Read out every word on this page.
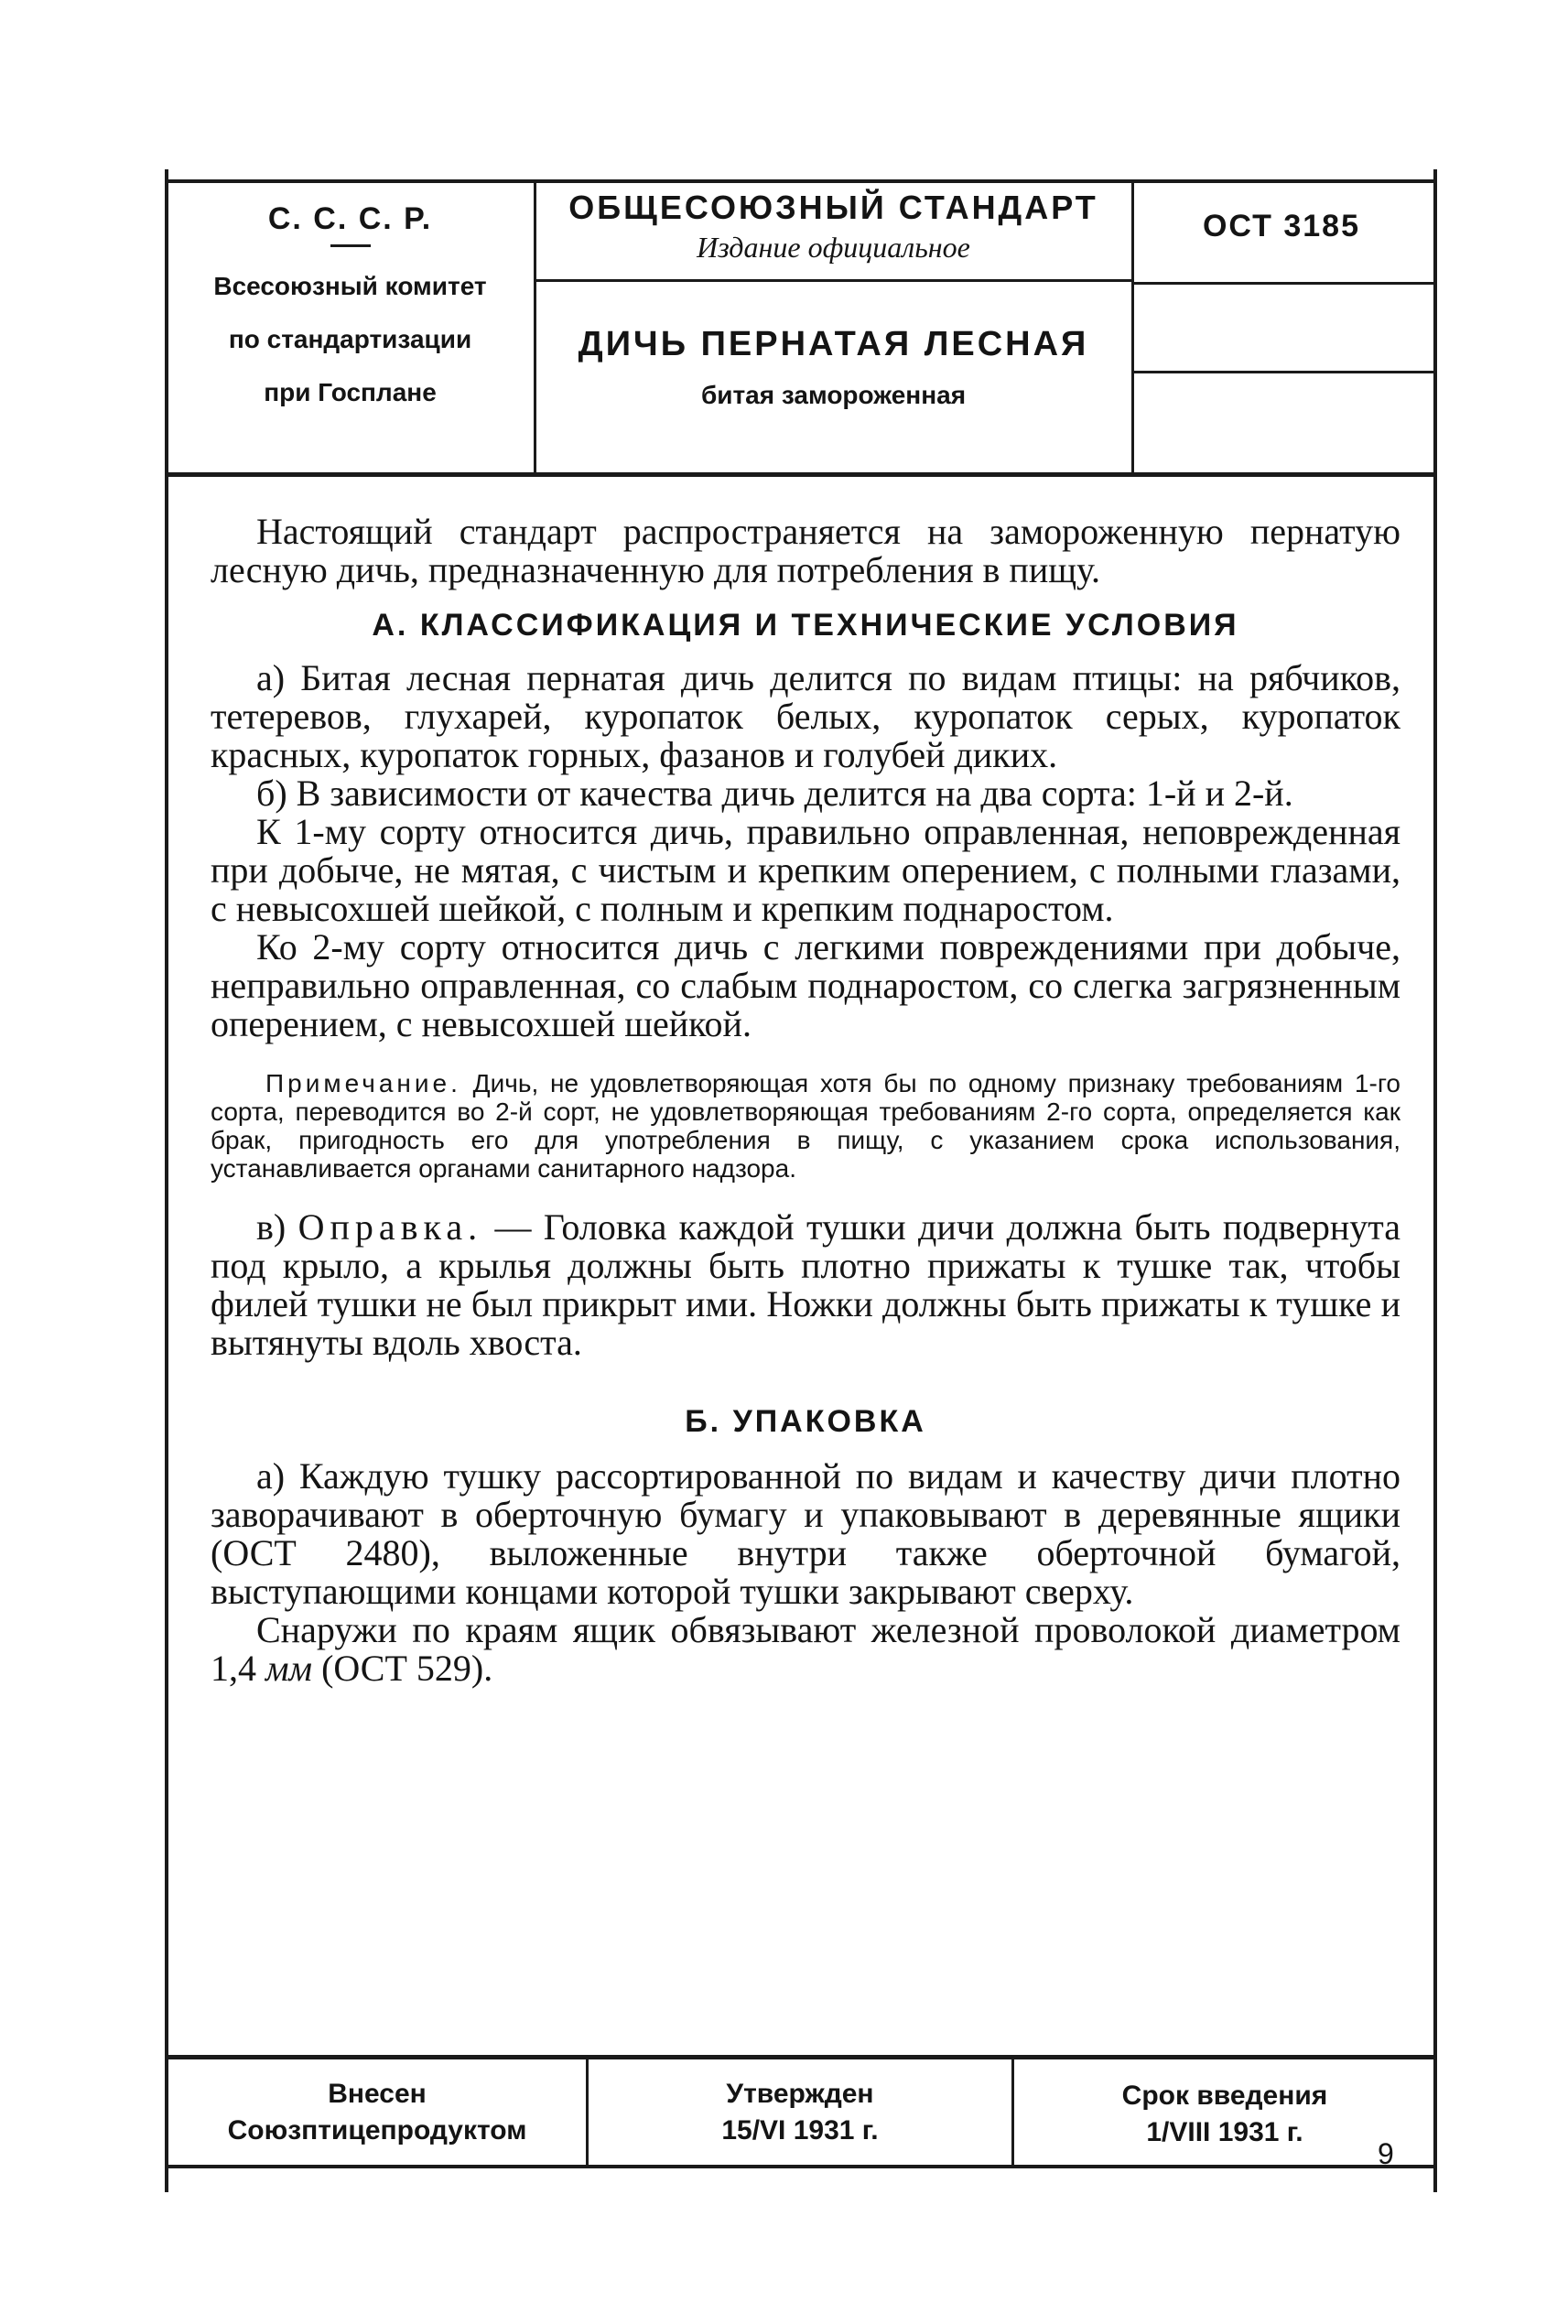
С. С. С. Р.
Всесоюзный комитет
по стандартизации
при Госплане
ОБЩЕСОЮЗНЫЙ СТАНДАРТ
Издание официальное
ДИЧЬ ПЕРНАТАЯ ЛЕСНАЯ
битая замороженная
ОСТ 3185

Настоящий стандарт распространяется на замороженную пернатую лесную дичь, предназначенную для потребления в пищу.

А. КЛАССИФИКАЦИЯ И ТЕХНИЧЕСКИЕ УСЛОВИЯ

а) Битая лесная пернатая дичь делится по видам птицы: на рябчиков, тетеревов, глухарей, куропаток белых, куропаток серых, куропаток красных, куропаток горных, фазанов и голубей диких.

б) В зависимости от качества дичь делится на два сорта: 1-й и 2-й.

К 1-му сорту относится дичь, правильно оправленная, неповрежденная при добыче, не мятая, с чистым и крепким оперением, с полными глазами, с невысохшей шейкой, с полным и крепким поднаростом.

Ко 2-му сорту относится дичь с легкими повреждениями при добыче, неправильно оправленная, со слабым поднаростом, со слегка загрязненным оперением, с невысохшей шейкой.

Примечание. Дичь, не удовлетворяющая хотя бы по одному признаку требованиям 1-го сорта, переводится во 2-й сорт, не удовлетворяющая требованиям 2-го сорта, определяется как брак, пригодность его для употребления в пищу, с указанием срока использования, устанавливается органами санитарного надзора.

в) Оправка. — Головка каждой тушки дичи должна быть подвернута под крыло, а крылья должны быть плотно прижаты к тушке так, чтобы филей тушки не был прикрыт ими. Ножки должны быть прижаты к тушке и вытянуты вдоль хвоста.

Б. УПАКОВКА

а) Каждую тушку рассортированной по видам и качеству дичи плотно заворачивают в оберточную бумагу и упаковывают в деревянные ящики (ОСТ 2480), выложенные внутри также оберточной бумагой, выступающими концами которой тушки закрывают сверху.

Снаружи по краям ящик обвязывают железной проволокой диаметром 1,4 мм (ОСТ 529).

Внесен
Союзптицепродуктом
Утвержден
15/VI 1931 г.
Срок введения
1/VIII 1931 г.
9
